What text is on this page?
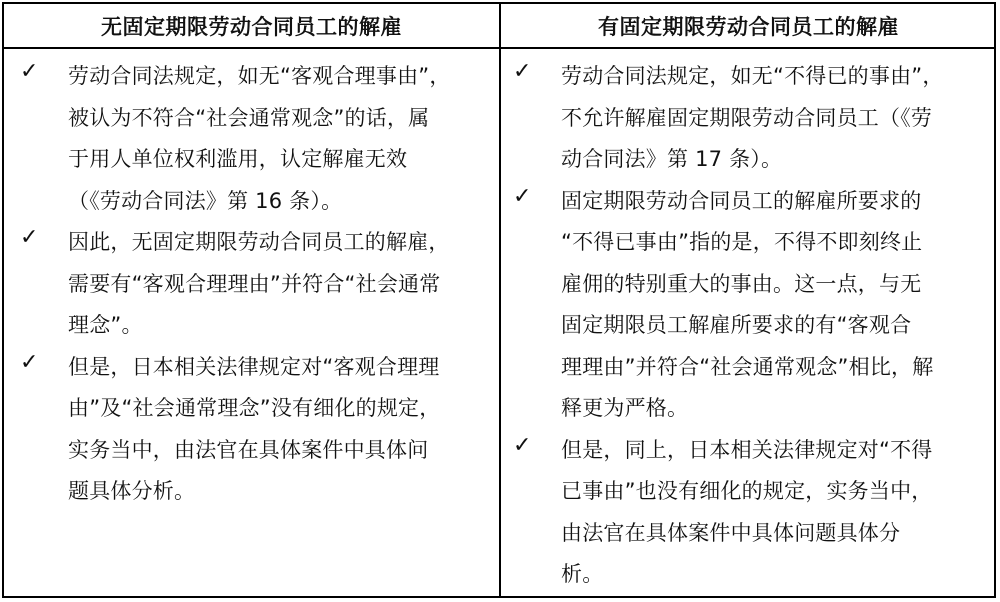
无固定期限劳动合同员工的解雇	有固定期限劳动合同员工的解雇
✓ 劳动合同法规定，如无“客观合理事由”，
被认为不符合“社会通常观念”的话，属
于用人单位权利滥用，认定解雇无效
（《劳动合同法》第 16 条）。
✓ 因此，无固定期限劳动合同员工的解雇，
需要有“客观合理理由”并符合“社会通常
理念”。
✓ 但是，日本相关法律规定对“客观合理理
由”及“社会通常理念”没有细化的规定，
实务当中，由法官在具体案件中具体问
题具体分析。
✓ 劳动合同法规定，如无“不得已的事由”，
不允许解雇固定期限劳动合同员工（《劳
动合同法》第 17 条）。
✓ 固定期限劳动合同员工的解雇所要求的
“不得已事由”指的是，不得不即刻终止
雇佣的特别重大的事由。这一点，与无
固定期限员工解雇所要求的有“客观合
理理由”并符合“社会通常观念”相比，解
释更为严格。
✓ 但是，同上，日本相关法律规定对“不得
已事由”也没有细化的规定，实务当中，
由法官在具体案件中具体问题具体分
析。
